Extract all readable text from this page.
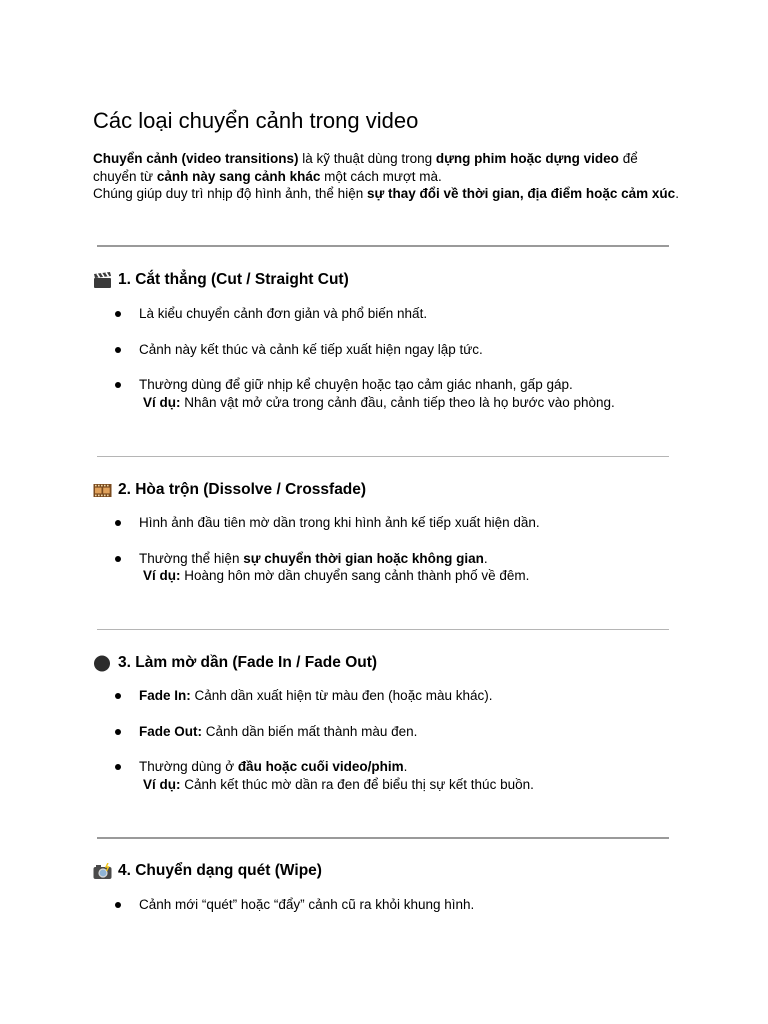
Các loại chuyển cảnh trong video

Chuyển cảnh (video transitions) là kỹ thuật dùng trong dựng phim hoặc dựng video để chuyển từ cảnh này sang cảnh khác một cách mượt mà.

Chúng giúp duy trì nhịp độ hình ảnh, thể hiện sự thay đổi về thời gian, địa điểm hoặc cảm xúc.

1. Cắt thẳng (Cut / Straight Cut)
Là kiểu chuyển cảnh đơn giản và phổ biến nhất.
Cảnh này kết thúc và cảnh kế tiếp xuất hiện ngay lập tức.
Thường dùng để giữ nhịp kể chuyện hoặc tạo cảm giác nhanh, gấp gáp.
Ví dụ: Nhân vật mở cửa trong cảnh đầu, cảnh tiếp theo là họ bước vào phòng.
2. Hòa trộn (Dissolve / Crossfade)
Hình ảnh đầu tiên mờ dần trong khi hình ảnh kế tiếp xuất hiện dần.
Thường thể hiện sự chuyển thời gian hoặc không gian.
Ví dụ: Hoàng hôn mờ dần chuyển sang cảnh thành phố về đêm.
3. Làm mờ dần (Fade In / Fade Out)
Fade In: Cảnh dần xuất hiện từ màu đen (hoặc màu khác).
Fade Out: Cảnh dần biến mất thành màu đen.
Thường dùng ở đầu hoặc cuối video/phim.
Ví dụ: Cảnh kết thúc mờ dần ra đen để biểu thị sự kết thúc buồn.
4. Chuyển dạng quét (Wipe)
Cảnh mới “quét” hoặc “đẩy” cảnh cũ ra khỏi khung hình.
